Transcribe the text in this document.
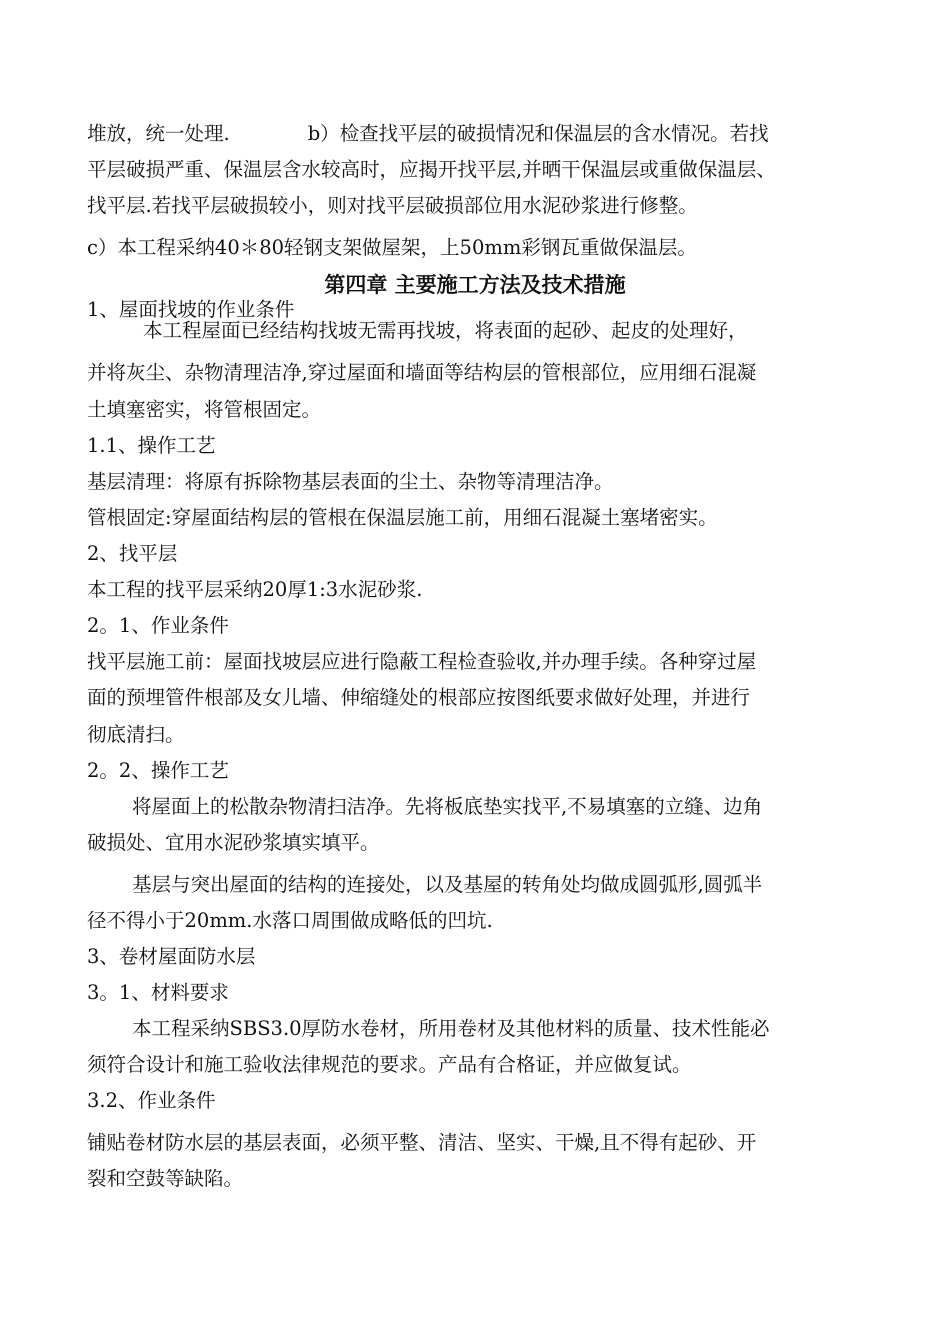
堆放，统一处理.	b）检查找平层的破损情况和保温层的含水情况。若找
平层破损严重、保温层含水较高时，应揭开找平层,并晒干保温层或重做保温层、
找平层.若找平层破损较小，则对找平层破损部位用水泥砂浆进行修整。
c）本工程采纳40＊80轻钢支架做屋架，上50mm彩钢瓦重做保温层。
第四章 主要施工方法及技术措施
1、屋面找坡的作业条件
本工程屋面已经结构找坡无需再找坡，将表面的起砂、起皮的处理好，
并将灰尘、杂物清理洁净,穿过屋面和墙面等结构层的管根部位，应用细石混凝
土填塞密实，将管根固定。
1.1、操作工艺
基层清理：将原有拆除物基层表面的尘土、杂物等清理洁净。
管根固定:穿屋面结构层的管根在保温层施工前，用细石混凝土塞堵密实。
2、找平层
本工程的找平层采纳20厚1:3水泥砂浆.
2。1、作业条件
找平层施工前：屋面找坡层应进行隐蔽工程检查验收,并办理手续。各种穿过屋
面的预埋管件根部及女儿墙、伸缩缝处的根部应按图纸要求做好处理，并进行
彻底清扫。
2。2、操作工艺
将屋面上的松散杂物清扫洁净。先将板底垫实找平,不易填塞的立缝、边角
破损处、宜用水泥砂浆填实填平。
基层与突出屋面的结构的连接处，以及基屋的转角处均做成圆弧形,圆弧半
径不得小于20mm.水落口周围做成略低的凹坑.
3、卷材屋面防水层
3。1、材料要求
本工程采纳SBS3.0厚防水卷材，所用卷材及其他材料的质量、技术性能必
须符合设计和施工验收法律规范的要求。产品有合格证，并应做复试。
3.2、作业条件
铺贴卷材防水层的基层表面，必须平整、清洁、坚实、干燥,且不得有起砂、开
裂和空鼓等缺陷。
